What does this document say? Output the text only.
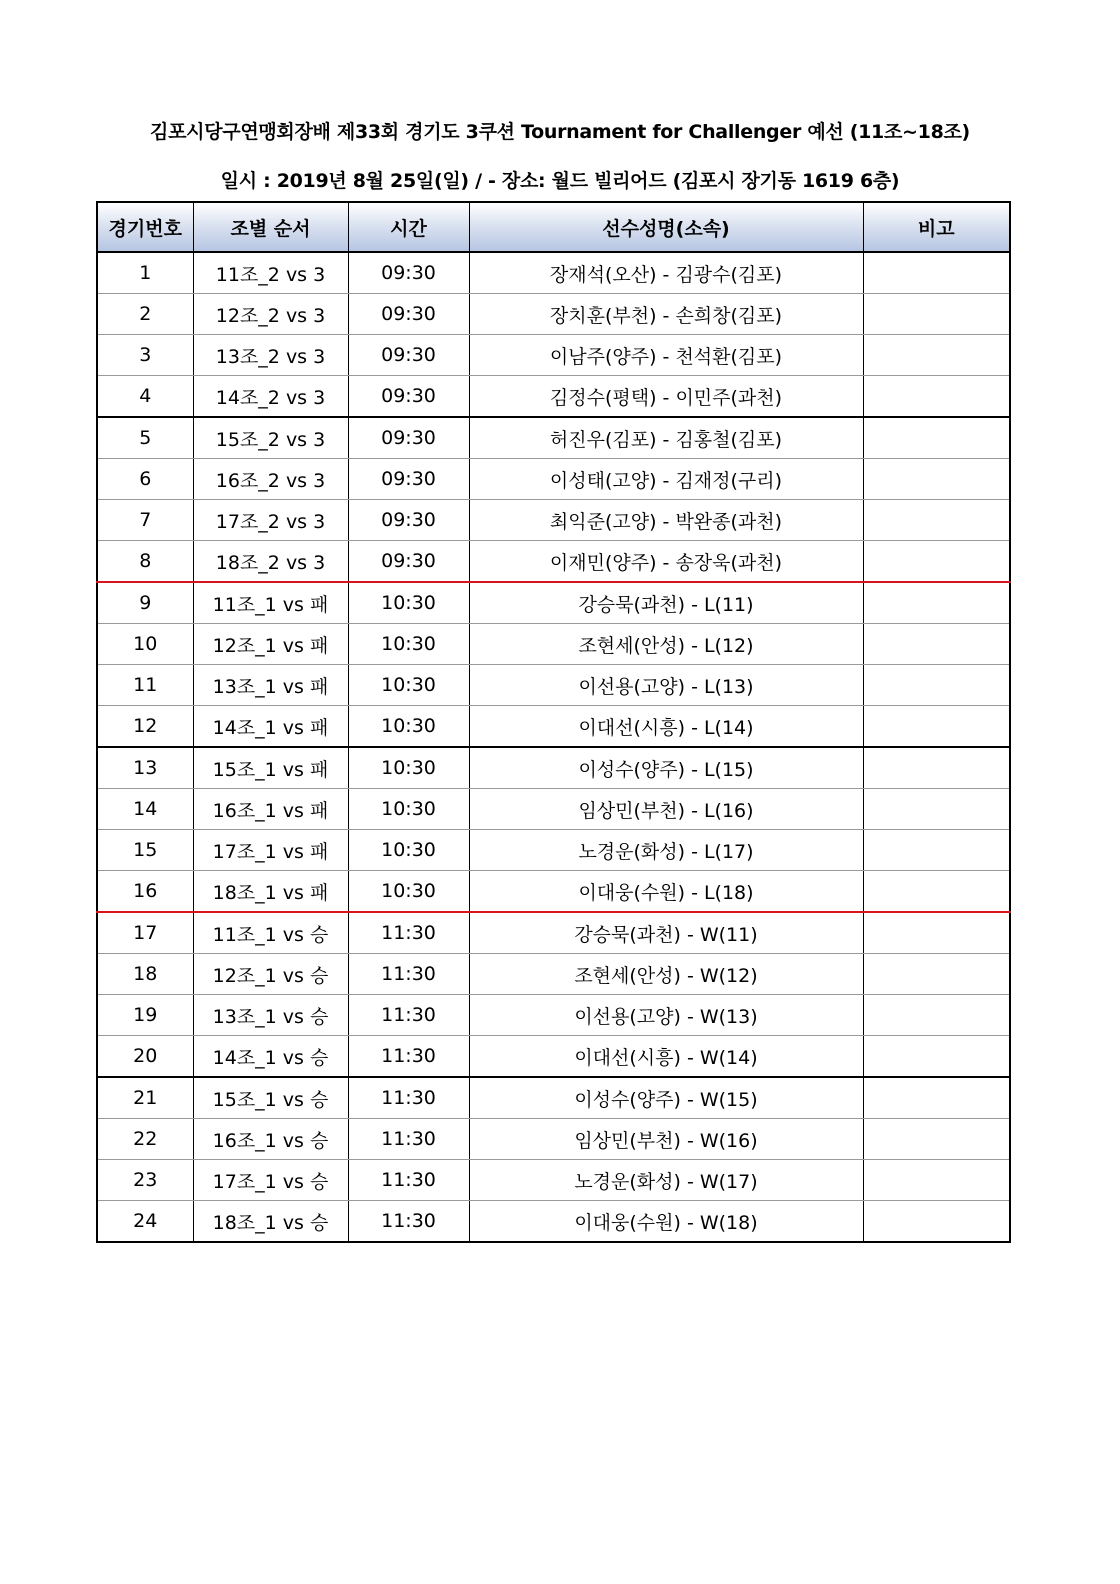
김포시당구연맹회장배 제33회 경기도 3쿠션 Tournament for Challenger 예선 (11조~18조)
일시 : 2019년 8월 25일(일) / - 장소: 월드 빌리어드 (김포시 장기동 1619 6층)
경기번호	조별 순서	시간	선수성명(소속)	비고
1	11조_2 vs 3	09:30	장재석(오산) - 김광수(김포)	
2	12조_2 vs 3	09:30	장치훈(부천) - 손희창(김포)	
3	13조_2 vs 3	09:30	이남주(양주) - 천석환(김포)	
4	14조_2 vs 3	09:30	김정수(평택) - 이민주(과천)	
5	15조_2 vs 3	09:30	허진우(김포) - 김홍철(김포)	
6	16조_2 vs 3	09:30	이성태(고양) - 김재정(구리)	
7	17조_2 vs 3	09:30	최익준(고양) - 박완종(과천)	
8	18조_2 vs 3	09:30	이재민(양주) - 송장욱(과천)	
9	11조_1 vs 패	10:30	강승묵(과천) - L(11)	
10	12조_1 vs 패	10:30	조현세(안성) - L(12)	
11	13조_1 vs 패	10:30	이선용(고양) - L(13)	
12	14조_1 vs 패	10:30	이대선(시흥) - L(14)	
13	15조_1 vs 패	10:30	이성수(양주) - L(15)	
14	16조_1 vs 패	10:30	임상민(부천) - L(16)	
15	17조_1 vs 패	10:30	노경운(화성) - L(17)	
16	18조_1 vs 패	10:30	이대웅(수원) - L(18)	
17	11조_1 vs 승	11:30	강승묵(과천) - W(11)	
18	12조_1 vs 승	11:30	조현세(안성) - W(12)	
19	13조_1 vs 승	11:30	이선용(고양) - W(13)	
20	14조_1 vs 승	11:30	이대선(시흥) - W(14)	
21	15조_1 vs 승	11:30	이성수(양주) - W(15)	
22	16조_1 vs 승	11:30	임상민(부천) - W(16)	
23	17조_1 vs 승	11:30	노경운(화성) - W(17)	
24	18조_1 vs 승	11:30	이대웅(수원) - W(18)	
